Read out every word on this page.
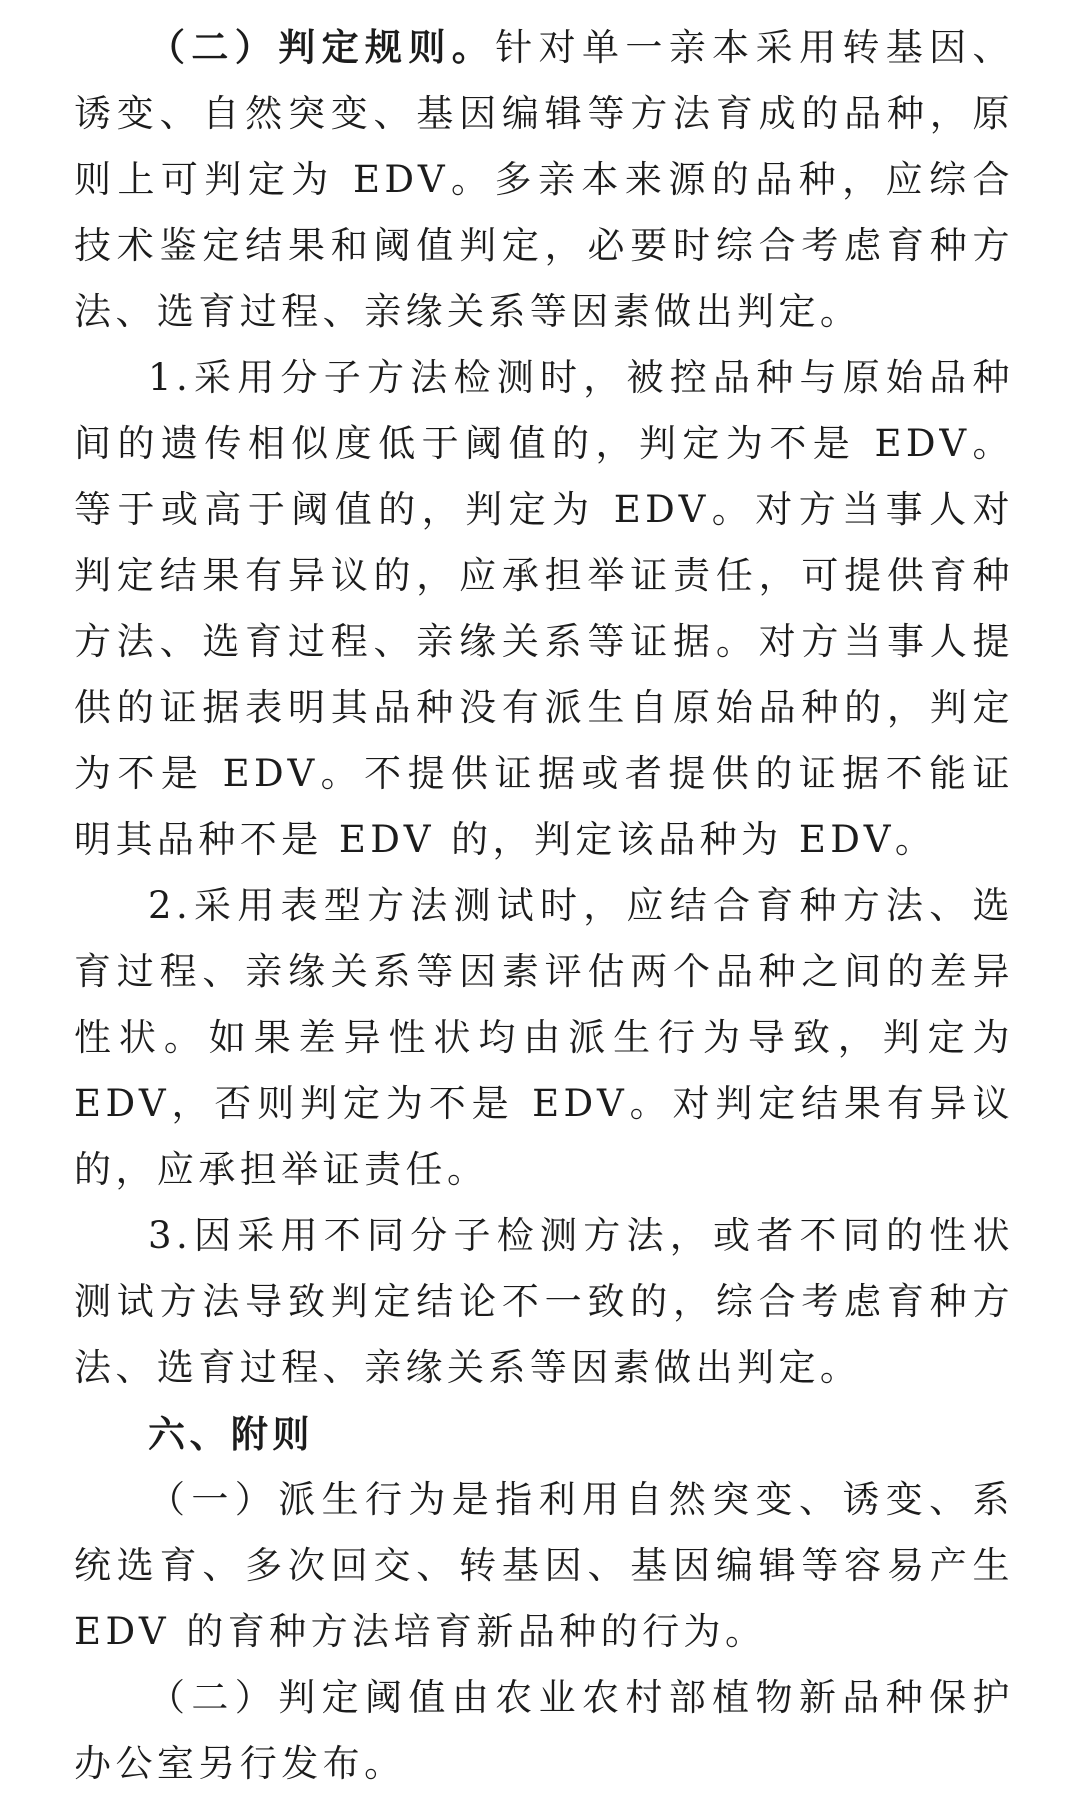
（二）判定规则。针对单一亲本采用转基因、诱变、自然突变、基因编辑等方法育成的品种，原则上可判定为 EDV。多亲本来源的品种，应综合技术鉴定结果和阈值判定，必要时综合考虑育种方法、选育过程、亲缘关系等因素做出判定。

1.采用分子方法检测时，被控品种与原始品种间的遗传相似度低于阈值的，判定为不是 EDV。等于或高于阈值的，判定为 EDV。对方当事人对判定结果有异议的，应承担举证责任，可提供育种方法、选育过程、亲缘关系等证据。对方当事人提供的证据表明其品种没有派生自原始品种的，判定为不是 EDV。不提供证据或者提供的证据不能证明其品种不是 EDV 的，判定该品种为 EDV。

2.采用表型方法测试时，应结合育种方法、选育过程、亲缘关系等因素评估两个品种之间的差异性状。如果差异性状均由派生行为导致，判定为 EDV，否则判定为不是 EDV。对判定结果有异议的，应承担举证责任。

3.因采用不同分子检测方法，或者不同的性状测试方法导致判定结论不一致的，综合考虑育种方法、选育过程、亲缘关系等因素做出判定。

六、附则

（一）派生行为是指利用自然突变、诱变、系统选育、多次回交、转基因、基因编辑等容易产生 EDV 的育种方法培育新品种的行为。

（二）判定阈值由农业农村部植物新品种保护办公室另行发布。
